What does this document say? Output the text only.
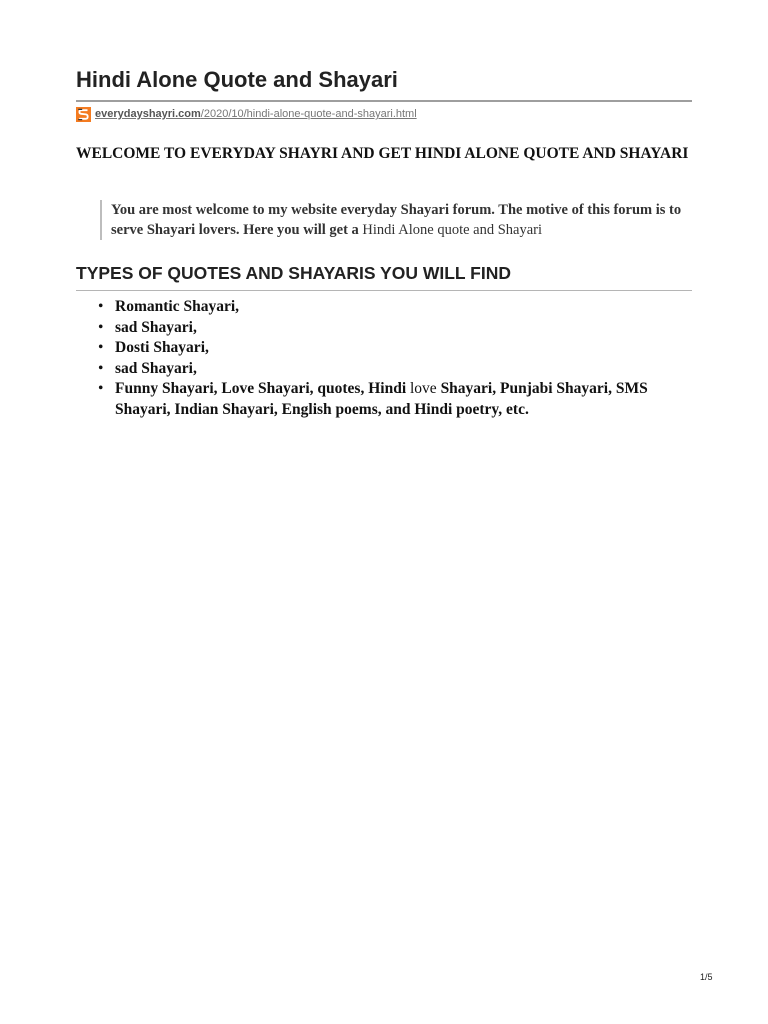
Hindi Alone Quote and Shayari
everydayshayri.com/2020/10/hindi-alone-quote-and-shayari.html
WELCOME TO EVERYDAY SHAYRI AND GET HINDI ALONE QUOTE AND SHAYARI
You are most welcome to my website everyday Shayari forum. The motive of this forum is to serve Shayari lovers. Here you will get a Hindi Alone quote and Shayari
TYPES OF QUOTES AND SHAYARIS YOU WILL FIND
• Romantic Shayari,
• sad Shayari,
• Dosti Shayari,
• sad Shayari,
• Funny Shayari, Love Shayari, quotes, Hindi love Shayari, Punjabi Shayari, SMS Shayari, Indian Shayari, English poems, and Hindi poetry, etc.
1/5
